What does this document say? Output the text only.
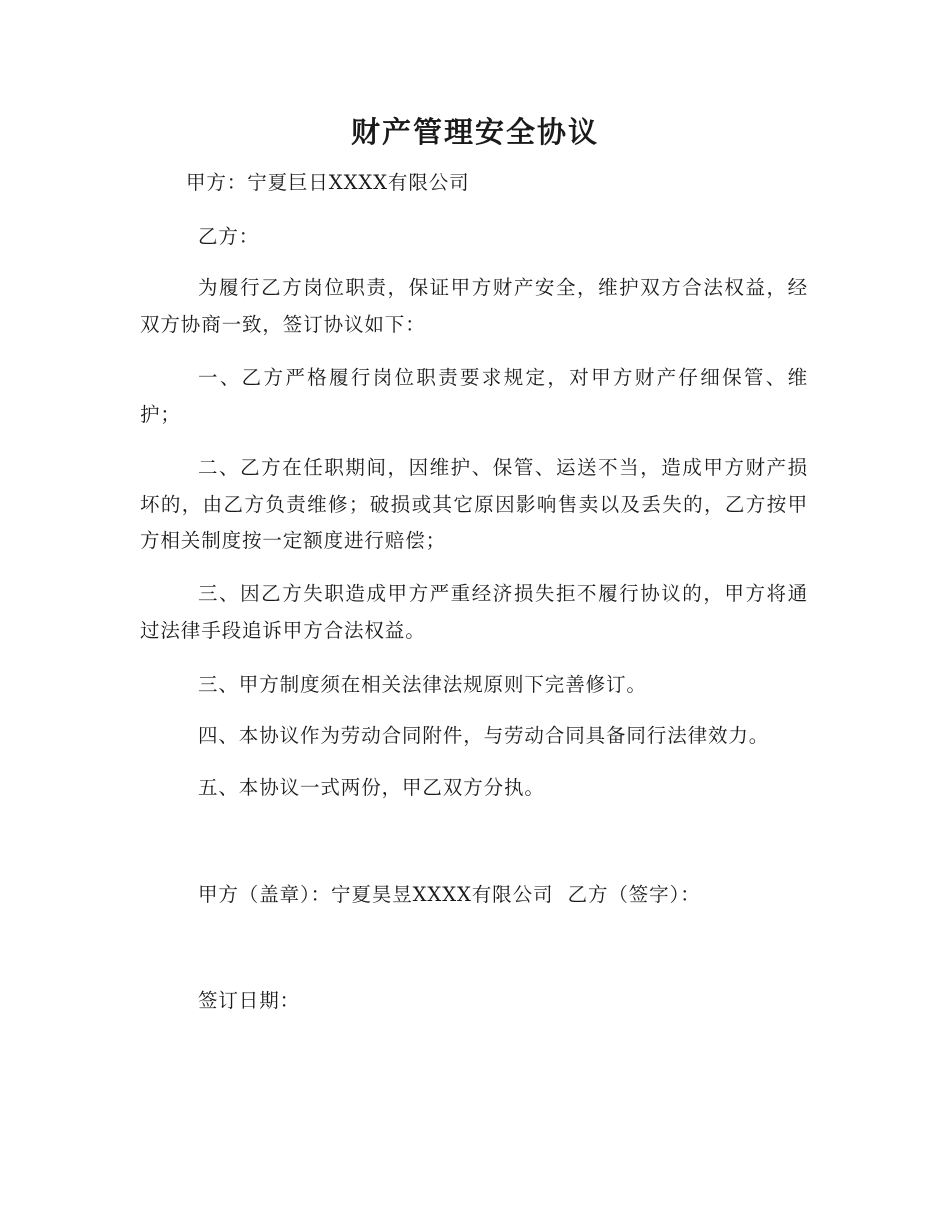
财产管理安全协议
甲方：宁夏巨日XXXX有限公司
乙方：
为履行乙方岗位职责，保证甲方财产安全，维护双方合法权益，经双方协商一致，签订协议如下：
一、乙方严格履行岗位职责要求规定，对甲方财产仔细保管、维护；
二、乙方在任职期间，因维护、保管、运送不当，造成甲方财产损坏的，由乙方负责维修；破损或其它原因影响售卖以及丢失的，乙方按甲方相关制度按一定额度进行赔偿；
三、因乙方失职造成甲方严重经济损失拒不履行协议的，甲方将通过法律手段追诉甲方合法权益。
三、甲方制度须在相关法律法规原则下完善修订。
四、本协议作为劳动合同附件，与劳动合同具备同行法律效力。
五、本协议一式两份，甲乙双方分执。
甲方（盖章）：宁夏昊昱XXXX有限公司  乙方（签字）：
签订日期：
